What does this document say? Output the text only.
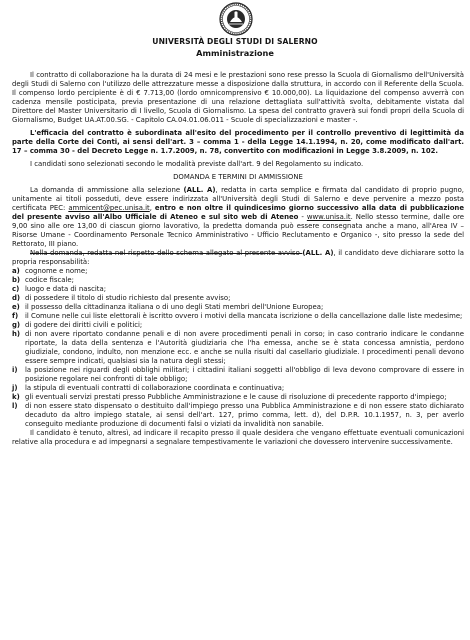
UNIVERSITÀ DEGLI STUDI DI SALERNO
Amministrazione

Il contratto di collaborazione ha la durata di 24 mesi e le prestazioni sono rese presso la Scuola di Giornalismo dell'Università degli Studi di Salerno con l'utilizzo delle attrezzature messe a disposizione dalla struttura, in accordo con il Referente della Scuola. Il compenso lordo percipiente è di € 7.713,00 (lordo omnicomprensivo € 10.000,00). La liquidazione del compenso avverrà con cadenza mensile posticipata, previa presentazione di una relazione dettagliata sull'attività svolta, debitamente vistata dal Direttore del Master Universitario di I livello, Scuola di Giornalismo. La spesa del contratto graverà sui fondi propri della Scuola di Giornalismo, Budget UA.AT.00.SG. - Capitolo CA.04.01.06.011 - Scuole di specializzazioni e master -.

L'efficacia del contratto è subordinata all'esito del procedimento per il controllo preventivo di legittimità da parte della Corte dei Conti, ai sensi dell'art. 3 – comma 1 - della Legge 14.1.1994, n. 20, come modificato dall'art. 17 – comma 30 - del Decreto Legge n. 1.7.2009, n. 78, convertito con modificazioni in Legge 3.8.2009, n. 102.

I candidati sono selezionati secondo le modalità previste dall'art. 9 del Regolamento su indicato.

DOMANDA E TERMINI DI AMMISSIONE

La domanda di ammissione alla selezione (ALL. A), redatta in carta semplice e firmata dal candidato di proprio pugno, unitamente ai titoli posseduti, deve essere indirizzata all'Università degli Studi di Salerno e deve pervenire a mezzo posta certificata PEC: ammicent@pec.unisa.it, entro e non oltre il quindicesimo giorno successivo alla data di pubblicazione del presente avviso all'Albo Ufficiale di Ateneo e sul sito web di Ateneo - www.unisa.it. Nello stesso termine, dalle ore 9,00 sino alle ore 13,00 di ciascun giorno lavorativo, la predetta domanda può essere consegnata anche a mano, all'Area IV – Risorse Umane - Coordinamento Personale Tecnico Amministrativo - Ufficio Reclutamento e Organico -, sito presso la sede del Rettorato, III piano.

Nella domanda, redatta nel rispetto dello schema allegato al presente avviso (ALL. A), il candidato deve dichiarare sotto la propria responsabilità:

a) cognome e nome;
b) codice fiscale;
c) luogo e data di nascita;
d) di possedere il titolo di studio richiesto dal presente avviso;
e) il possesso della cittadinanza italiana o di uno degli Stati membri dell'Unione Europea;
f) il Comune nelle cui liste elettorali è iscritto ovvero i motivi della mancata iscrizione o della cancellazione dalle liste medesime;
g) di godere dei diritti civili e politici;
h) di non avere riportato condanne penali e di non avere procedimenti penali in corso; in caso contrario indicare le condanne riportate, la data della sentenza e l'Autorità giudiziaria che l'ha emessa, anche se è stata concessa amnistia, perdono giudiziale, condono, indulto, non menzione ecc. e anche se nulla risulti dal casellario giudiziale. I procedimenti penali devono essere sempre indicati, qualsiasi sia la natura degli stessi;
i)	la posizione nei riguardi degli obblighi militari; i cittadini italiani soggetti all'obbligo di leva devono comprovare di essere in posizione regolare nei confronti di tale obbligo;
j)	la stipula di eventuali contratti di collaborazione coordinata e continuativa;
k) gli eventuali servizi prestati presso Pubbliche Amministrazione e le cause di risoluzione di precedente rapporto d'impiego;
l)	di non essere stato dispensato o destituito dall'impiego presso una Pubblica Amministrazione e di non essere stato dichiarato decaduto da altro impiego statale, ai sensi dell'art. 127, primo comma, lett. d), del D.P.R. 10.1.1957, n. 3, per averlo conseguito mediante produzione di documenti falsi o viziati da invalidità non sanabile.

Il candidato è tenuto, altresì, ad indicare il recapito presso il quale desidera che vengano effettuate eventuali comunicazioni relative alla procedura e ad impegnarsi a segnalare tempestivamente le variazioni che dovessero intervenire successivamente.
